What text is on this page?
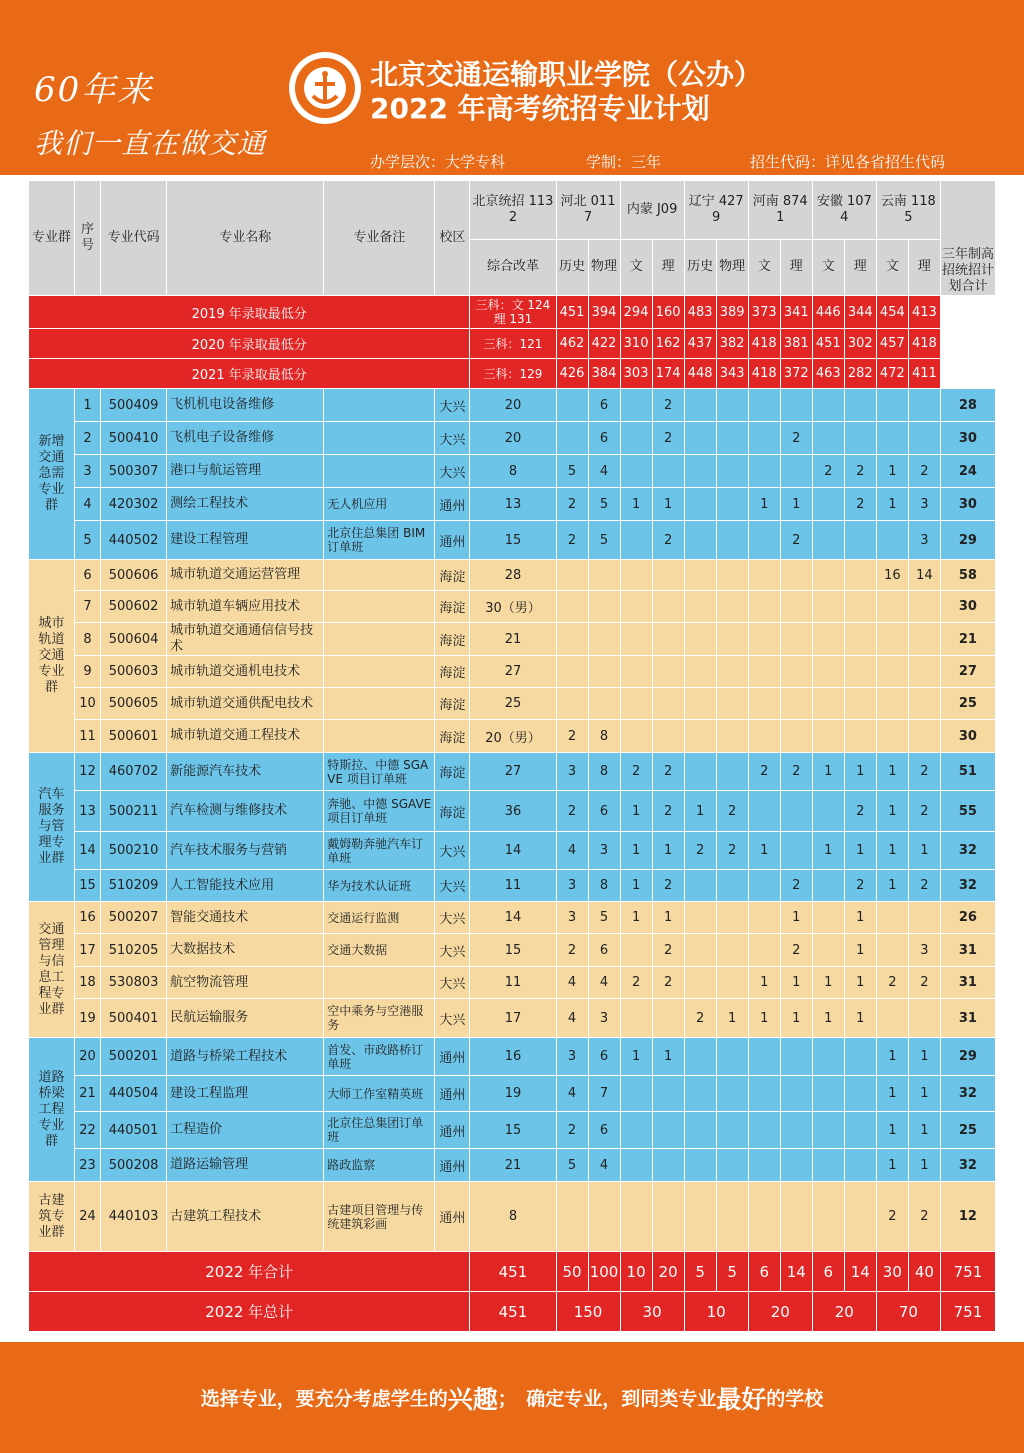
60年来
我们一直在做交通
北京交通运输职业学院（公办）
2022 年高考统招专业计划
办学层次：大学专科	学制：三年	招生代码：详见各省招生代码
专业群	序号	专业代码	专业名称	专业备注	校区	北京统招 1132	河北 0117		内蒙 J09		辽宁 4279		河南 8741		安徽 1074		云南 1185		三年制高招统招计划合计
						综合改革	历史	物理	文	理	历史	物理	文	理	文	理	文	理	
2019 年录取最低分						三科：文 124 理 131	451	394	294	160	483	389	373	341	446	344	454	413	
2020 年录取最低分						三科：121	462	422	310	162	437	382	418	381	451	302	457	418	
2021 年录取最低分						三科：129	426	384	303	174	448	343	418	372	463	282	472	411	
新增交通急需专业群	1	500409	飞机机电设备维修		大兴	20		6		2									28
	2	500410	飞机电子设备维修		大兴	20		6		2				2					30
	3	500307	港口与航运管理		大兴	8	5	4							2	2	1	2	24
	4	420302	测绘工程技术	无人机应用	通州	13	2	5	1	1			1	1		2	1	3	30
	5	440502	建设工程管理	北京住总集团 BIM 订单班	通州	15	2	5		2				2				3	29
城市轨道交通专业群	6	500606	城市轨道交通运营管理		海淀	28											16	14	58
	7	500602	城市轨道车辆应用技术		海淀	30（男）													30
	8	500604	城市轨道交通通信信号技术		海淀	21													21
	9	500603	城市轨道交通机电技术		海淀	27													27
	10	500605	城市轨道交通供配电技术		海淀	25													25
	11	500601	城市轨道交通工程技术		海淀	20（男）	2	8											30
汽车服务与管理专业群	12	460702	新能源汽车技术	特斯拉、中德 SGAVE 项目订单班	海淀	27	3	8	2	2			2	2	1	1	1	2	51
	13	500211	汽车检测与维修技术	奔驰、中德 SGAVE 项目订单班	海淀	36	2	6	1	2	1	2				2	1	2	55
	14	500210	汽车技术服务与营销	戴姆勒奔驰汽车订单班	大兴	14	4	3	1	1	2	2	1		1	1	1	1	32
	15	510209	人工智能技术应用	华为技术认证班	大兴	11	3	8	1	2				2		2	1	2	32
交通管理与信息工程专业群	16	500207	智能交通技术	交通运行监测	大兴	14	3	5	1	1				1		1			26
	17	510205	大数据技术	交通大数据	大兴	15	2	6		2				2		1		3	31
	18	530803	航空物流管理		大兴	11	4	4	2	2			1	1	1	1	2	2	31
	19	500401	民航运输服务	空中乘务与空港服务	大兴	17	4	3			2	1	1	1	1	1			31
道路桥梁工程专业群	20	500201	道路与桥梁工程技术	首发、市政路桥订单班	通州	16	3	6	1	1							1	1	29
	21	440504	建设工程监理	大师工作室精英班	通州	19	4	7									1	1	32
	22	440501	工程造价	北京住总集团订单班	通州	15	2	6									1	1	25
	23	500208	道路运输管理	路政监察	通州	21	5	4									1	1	32
古建筑专业群	24	440103	古建筑工程技术	古建项目管理与传统建筑彩画	通州	8											2	2	12
2022 年合计						451	50	100	10	20	5	5	6	14	6	14	30	40	751
2022 年总计						451	150		30		10		20		20		70		751
选择专业，要充分考虑学生的 兴趣 ；　确定专业，到同类专业 最好 的学校
